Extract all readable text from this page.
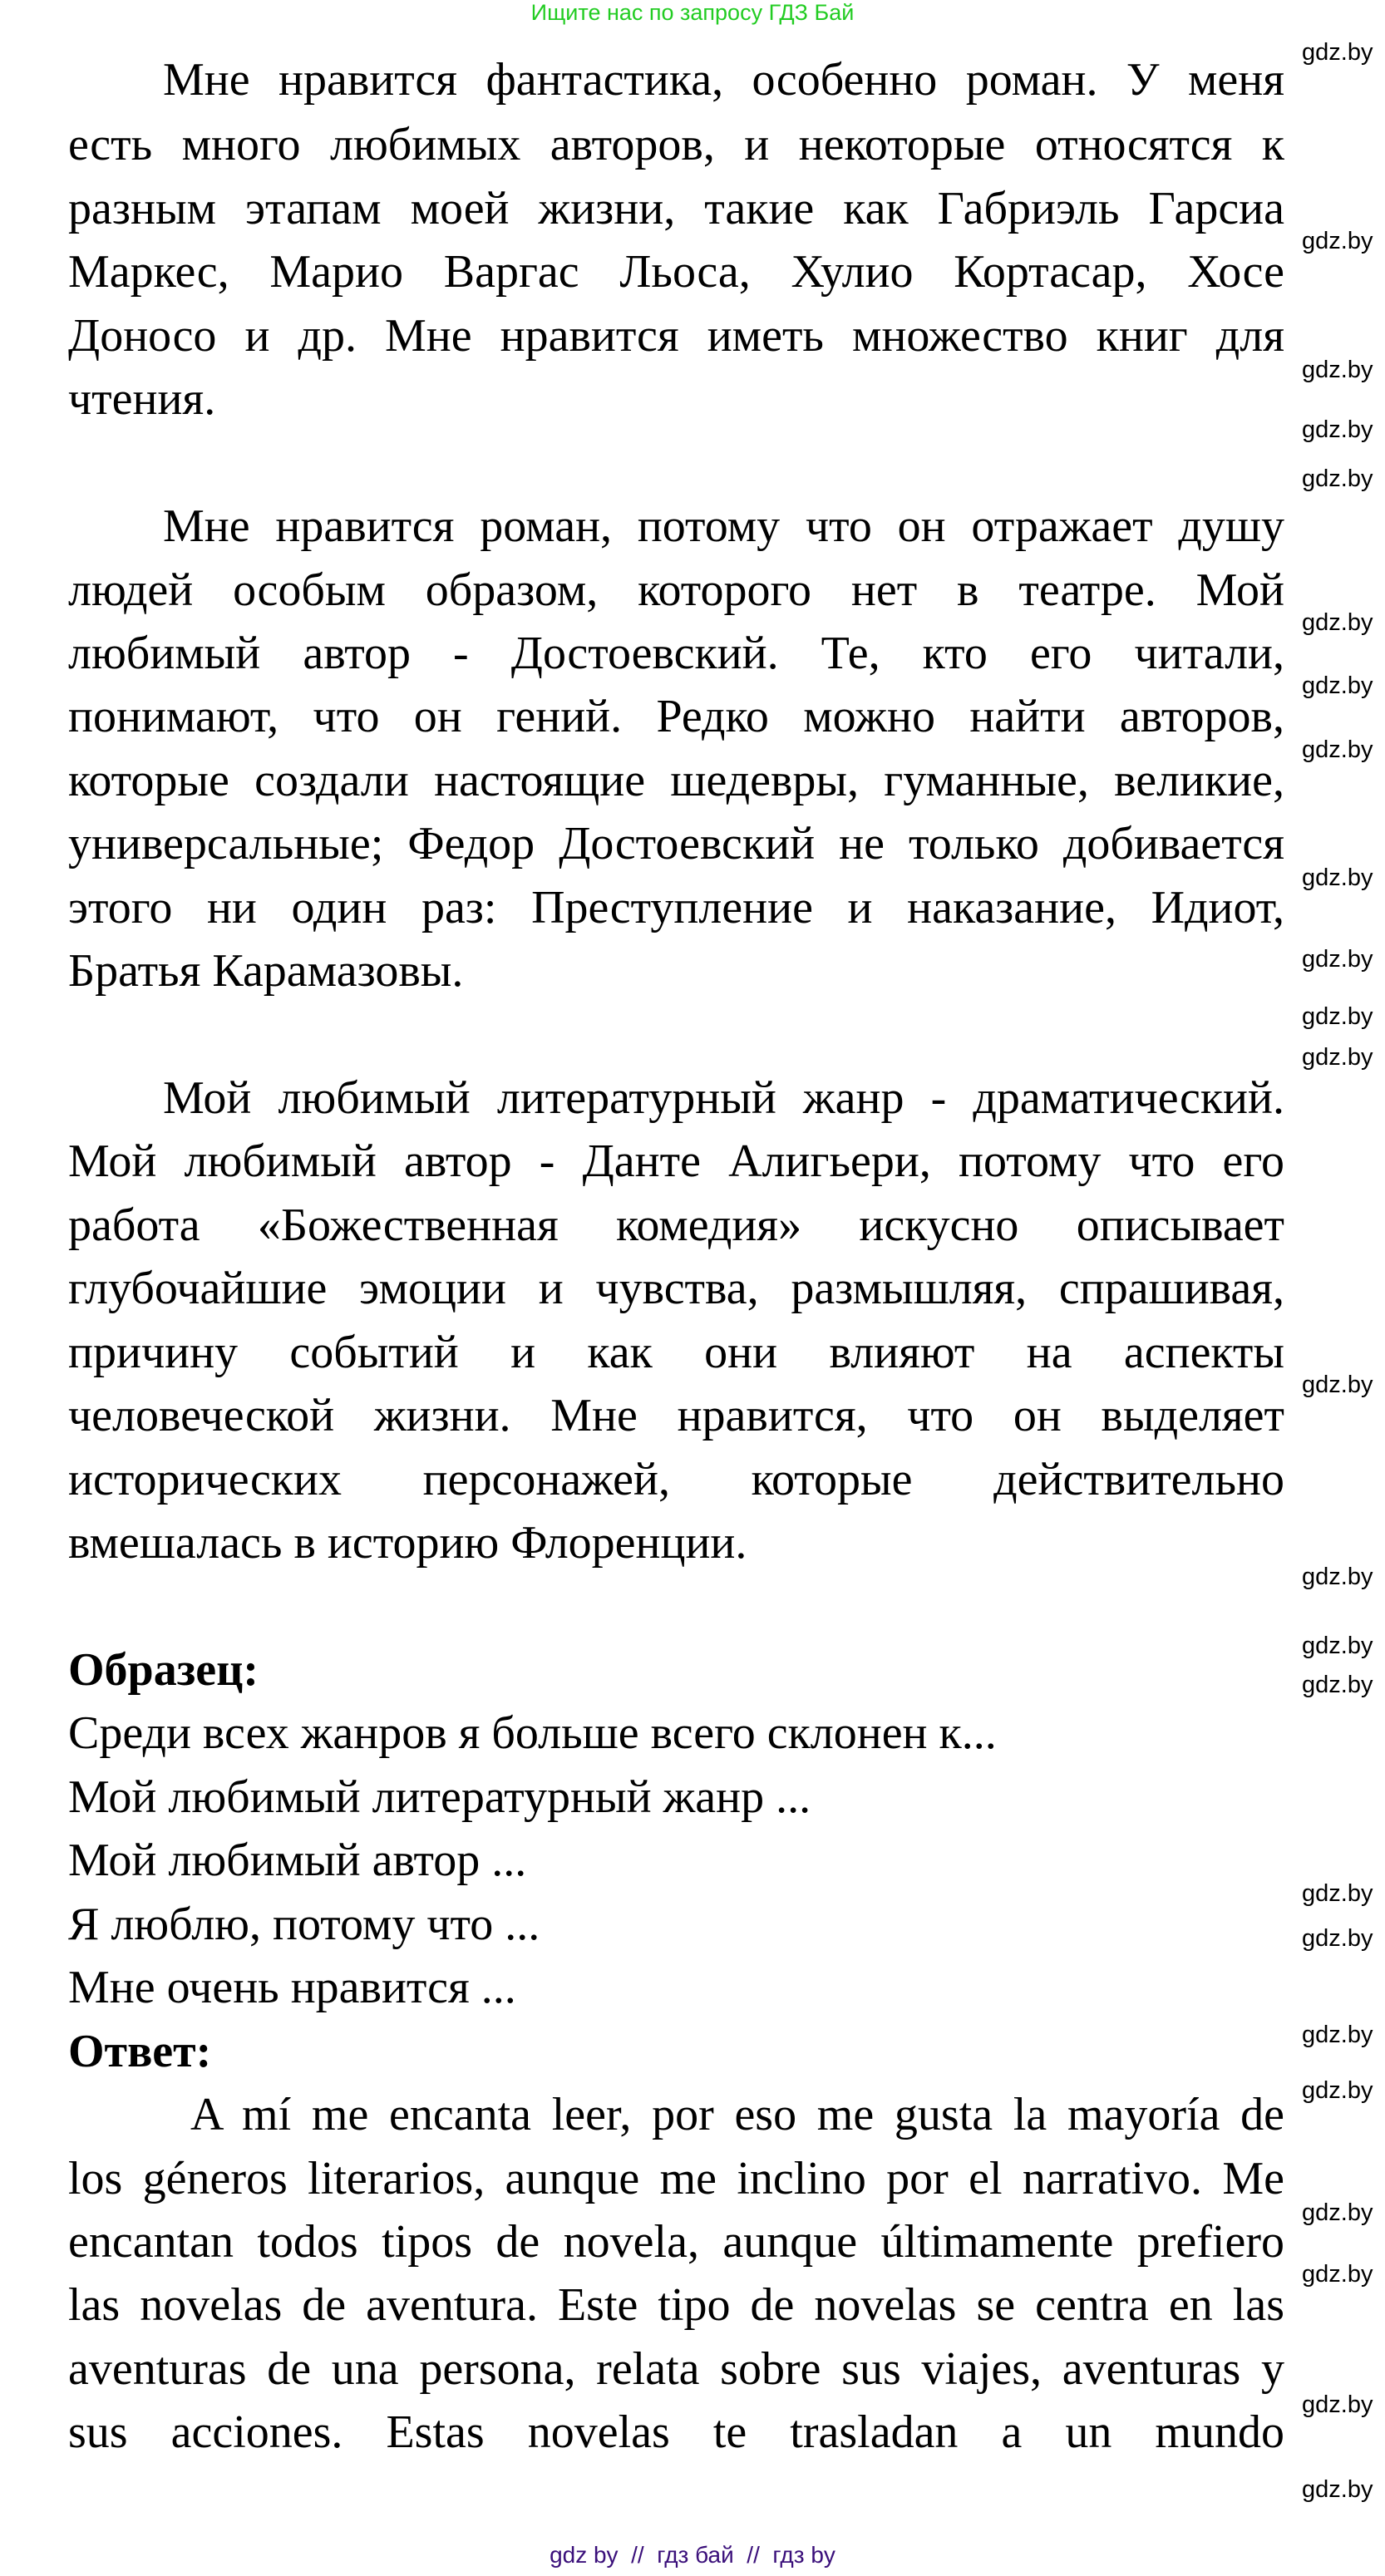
Ищите нас по запросу ГДЗ Бай
Мне нравится фантастика, особенно роман. У меня
есть много любимых авторов, и некоторые относятся к
разным этапам моей жизни, такие как Габриэль Гарсиа
Маркес, Марио Варгас Льоса, Хулио Кортасар, Хосе
Доносо и др. Мне нравится иметь множество книг для
чтения.
Мне нравится роман, потому что он отражает душу
людей особым образом, которого нет в театре. Мой
любимый автор - Достоевский. Те, кто его читали,
понимают, что он гений. Редко можно найти авторов,
которые создали настоящие шедевры, гуманные, великие,
универсальные; Федор Достоевский не только добивается
этого ни один раз: Преступление и наказание, Идиот,
Братья Карамазовы.
Мой любимый литературный жанр - драматический.
Мой любимый автор - Данте Алигьери, потому что его
работа «Божественная комедия» искусно описывает
глубочайшие эмоции и чувства, размышляя, спрашивая,
причину событий и как они влияют на аспекты
человеческой жизни. Мне нравится, что он выделяет
исторических персонажей, которые действительно
вмешалась в историю Флоренции.
Образец:
Среди всех жанров я больше всего склонен к...
Мой любимый литературный жанр ...
Мой любимый автор ...
Я люблю, потому что ...
Мне очень нравится ...
Ответ:
A mí me encanta leer, por eso me gusta la mayoría de
los géneros literarios, aunque me inclino por el narrativo. Me
encantan todos tipos de novela, aunque últimamente prefiero
las novelas de aventura. Este tipo de novelas se centra en las
aventuras de una persona, relata sobre sus viajes, aventuras y
sus acciones. Estas novelas te trasladan a un mundo
gdz.by
gdz.by
gdz.by
gdz.by
gdz.by
gdz.by
gdz.by
gdz.by
gdz.by
gdz.by
gdz.by
gdz.by
gdz.by
gdz.by
gdz.by
gdz.by
gdz.by
gdz.by
gdz.by
gdz.by
gdz.by
gdz.by
gdz.by
gdz.by
gdz by  //  гдз бай  //  гдз by
